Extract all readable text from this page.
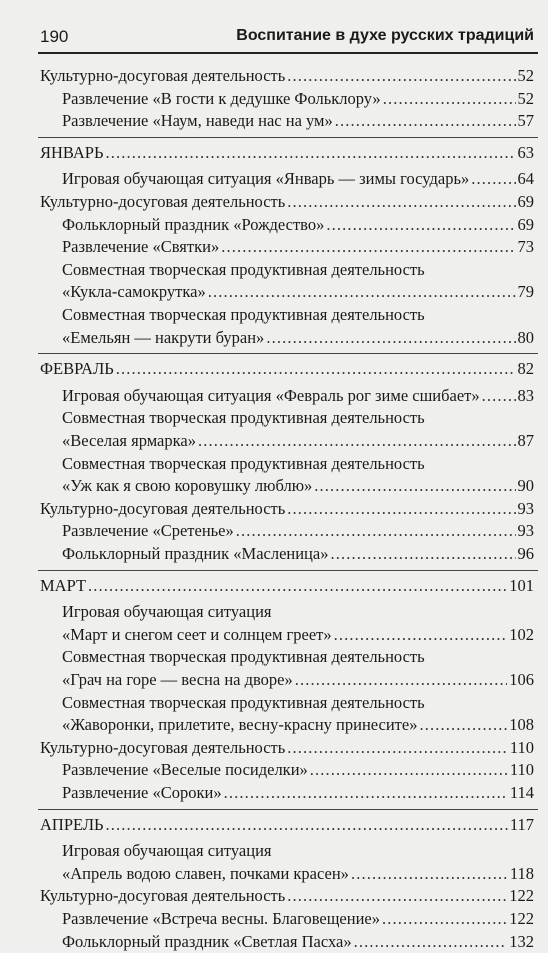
190	Воспитание в духе русских традиций
Культурно-досуговая деятельность . . .	52
Развлечение «В гости к дедушке Фольклору» . . .	52
Развлечение «Наум, наведи нас на ум» . . .	57
ЯНВАРЬ . . .	63
Игровая обучающая ситуация «Январь — зимы государь» . . .	64
Культурно-досуговая деятельность . . .	69
Фольклорный праздник «Рождество» . . .	69
Развлечение «Святки» . . .	73
Совместная творческая продуктивная деятельность
«Кукла-самокрутка» . . .	79
Совместная творческая продуктивная деятельность
«Емельян — накрути буран» . . .	80
ФЕВРАЛЬ . . .	82
Игровая обучающая ситуация «Февраль рог зиме сшибает» . . . 83
Совместная творческая продуктивная деятельность
«Веселая ярмарка» . . .	87
Совместная творческая продуктивная деятельность
«Уж как я свою коровушку люблю» . . .	90
Культурно-досуговая деятельность . . .	93
Развлечение «Сретенье» . . .	93
Фольклорный праздник «Масленица» . . .	96
МАРТ . . .	101
Игровая обучающая ситуация
«Март и снегом сеет и солнцем греет» . . .	102
Совместная творческая продуктивная деятельность
«Грач на горе — весна на дворе» . . .	106
Совместная творческая продуктивная деятельность
«Жаворонки, прилетите, весну-красну принесите» . . .	108
Культурно-досуговая деятельность . . .	110
Развлечение «Веселые посиделки» . . .	110
Развлечение «Сороки» . . .	114
АПРЕЛЬ . . .	117
Игровая обучающая ситуация
«Апрель водою славен, почками красен» . . .	118
Культурно-досуговая деятельность . . .	122
Развлечение «Встреча весны. Благовещение» . . .	122
Фольклорный праздник «Светлая Пасха» . . .	132
